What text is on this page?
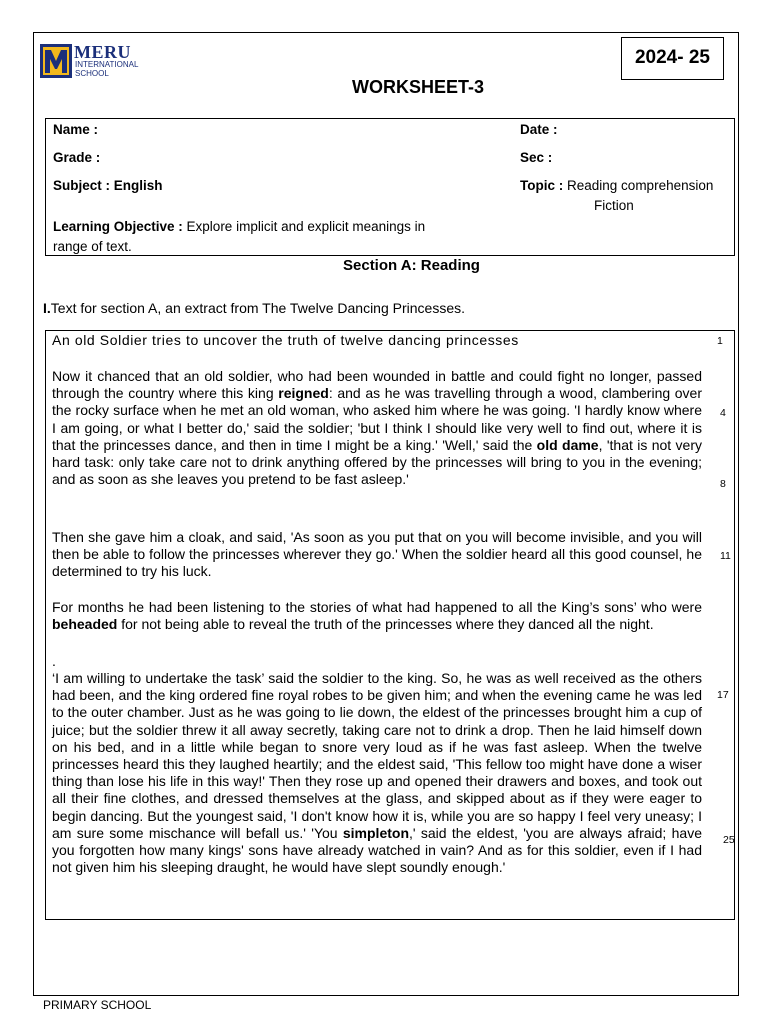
MERU
INTERNATIONAL
SCHOOL
2024- 25
WORKSHEET-3
Name :	Date :
Grade :	Sec :
Subject : English	Topic : Reading comprehension
Fiction
Learning Objective : Explore implicit and explicit meanings in
range of text.
Section A: Reading
I.Text for section A, an extract from The Twelve Dancing Princesses.
An old Soldier tries to uncover the truth of twelve dancing princesses
Now it chanced that an old soldier, who had been wounded in battle and could fight no longer, passed through the country where this king reigned: and as he was travelling through a wood, clambering over the rocky surface when he met an old woman, who asked him where he was going. 'I hardly know where I am going, or what I better do,' said the soldier; 'but I think I should like very well to find out, where it is that the princesses dance, and then in time I might be a king.' 'Well,' said the old dame, 'that is not very hard task: only take care not to drink anything offered by the princesses will bring to you in the evening; and as soon as she leaves you pretend to be fast asleep.'
Then she gave him a cloak, and said, 'As soon as you put that on you will become invisible, and you will then be able to follow the princesses wherever they go.' When the soldier heard all this good counsel, he determined to try his luck.
For months he had been listening to the stories of what had happened to all the King’s sons’ who were beheaded for not being able to reveal the truth of the princesses where they danced all the night.
.
‘I am willing to undertake the task’ said the soldier to the king. So, he was as well received as the others had been, and the king ordered fine royal robes to be given him; and when the evening came he was led to the outer chamber. Just as he was going to lie down, the eldest of the princesses brought him a cup of juice; but the soldier threw it all away secretly, taking care not to drink a drop. Then he laid himself down on his bed, and in a little while began to snore very loud as if he was fast asleep. When the twelve princesses heard this they laughed heartily; and the eldest said, 'This fellow too might have done a wiser thing than lose his life in this way!' Then they rose up and opened their drawers and boxes, and took out all their fine clothes, and dressed themselves at the glass, and skipped about as if they were eager to begin dancing. But the youngest said, 'I don't know how it is, while you are so happy I feel very uneasy; I am sure some mischance will befall us.' 'You simpleton,' said the eldest, 'you are always afraid; have you forgotten how many kings' sons have already watched in vain? And as for this soldier, even if I had not given him his sleeping draught, he would have slept soundly enough.'
1
4
8
11
17
25
PRIMARY SCHOOL
